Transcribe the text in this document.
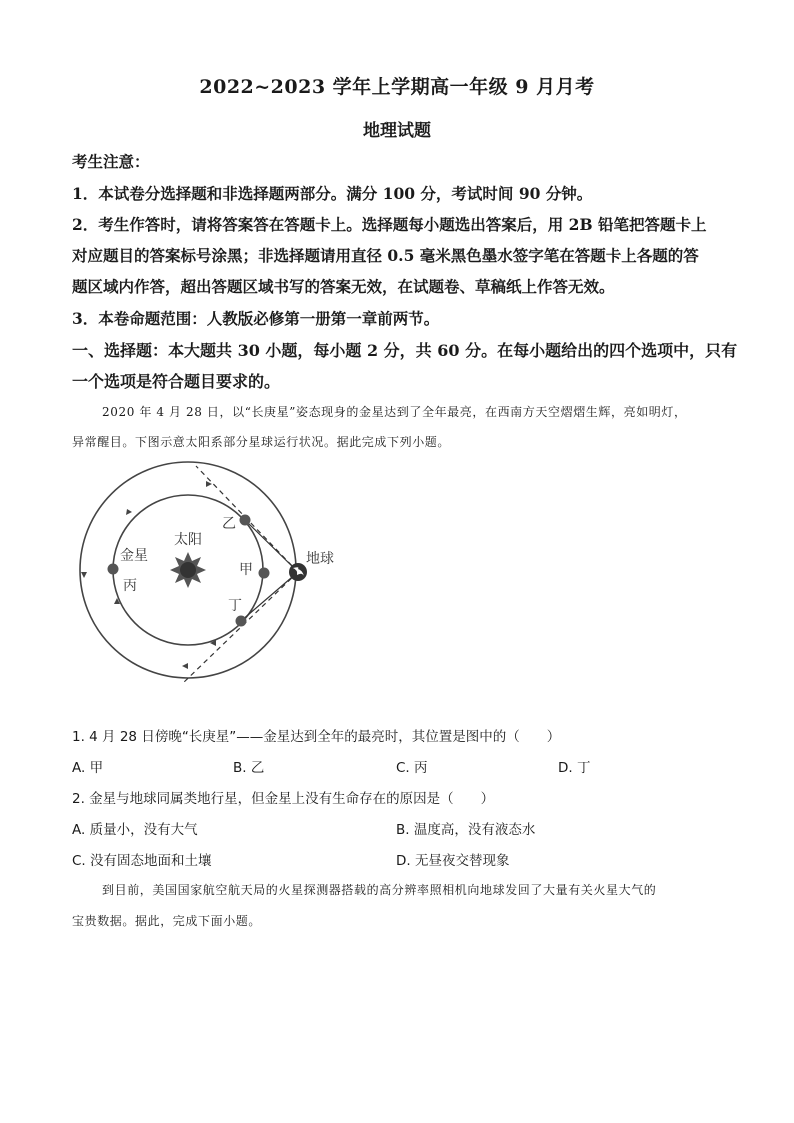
2022~2023 学年上学期高一年级 9 月月考
地理试题
考生注意：
1．本试卷分选择题和非选择题两部分。满分 100 分，考试时间 90 分钟。
2．考生作答时，请将答案答在答题卡上。选择题每小题选出答案后，用 2B 铅笔把答题卡上
对应题目的答案标号涂黑；非选择题请用直径 0.5 毫米黑色墨水签字笔在答题卡上各题的答
题区域内作答，超出答题区域书写的答案无效，在试题卷、草稿纸上作答无效。
3．本卷命题范围：人教版必修第一册第一章前两节。
一、选择题：本大题共 30 小题，每小题 2 分，共 60 分。在每小题给出的四个选项中，只有
一个选项是符合题目要求的。
2020 年 4 月 28 日，以“长庚星”姿态现身的金星达到了全年最亮，在西南方天空熠熠生辉，亮如明灯，
异常醒目。下图示意太阳系部分星球运行状况。据此完成下列小题。
太阳
地球
金星
乙
甲
丙
丁
1. 4 月 28 日傍晚“长庚星”——金星达到全年的最亮时，其位置是图中的（　　）
A. 甲	B. 乙	C. 丙	D. 丁
2. 金星与地球同属类地行星，但金星上没有生命存在的原因是（　　）
A. 质量小，没有大气	B. 温度高，没有液态水
C. 没有固态地面和土壤	D. 无昼夜交替现象
到目前，美国国家航空航天局的火星探测器搭载的高分辨率照相机向地球发回了大量有关火星大气的
宝贵数据。据此，完成下面小题。
